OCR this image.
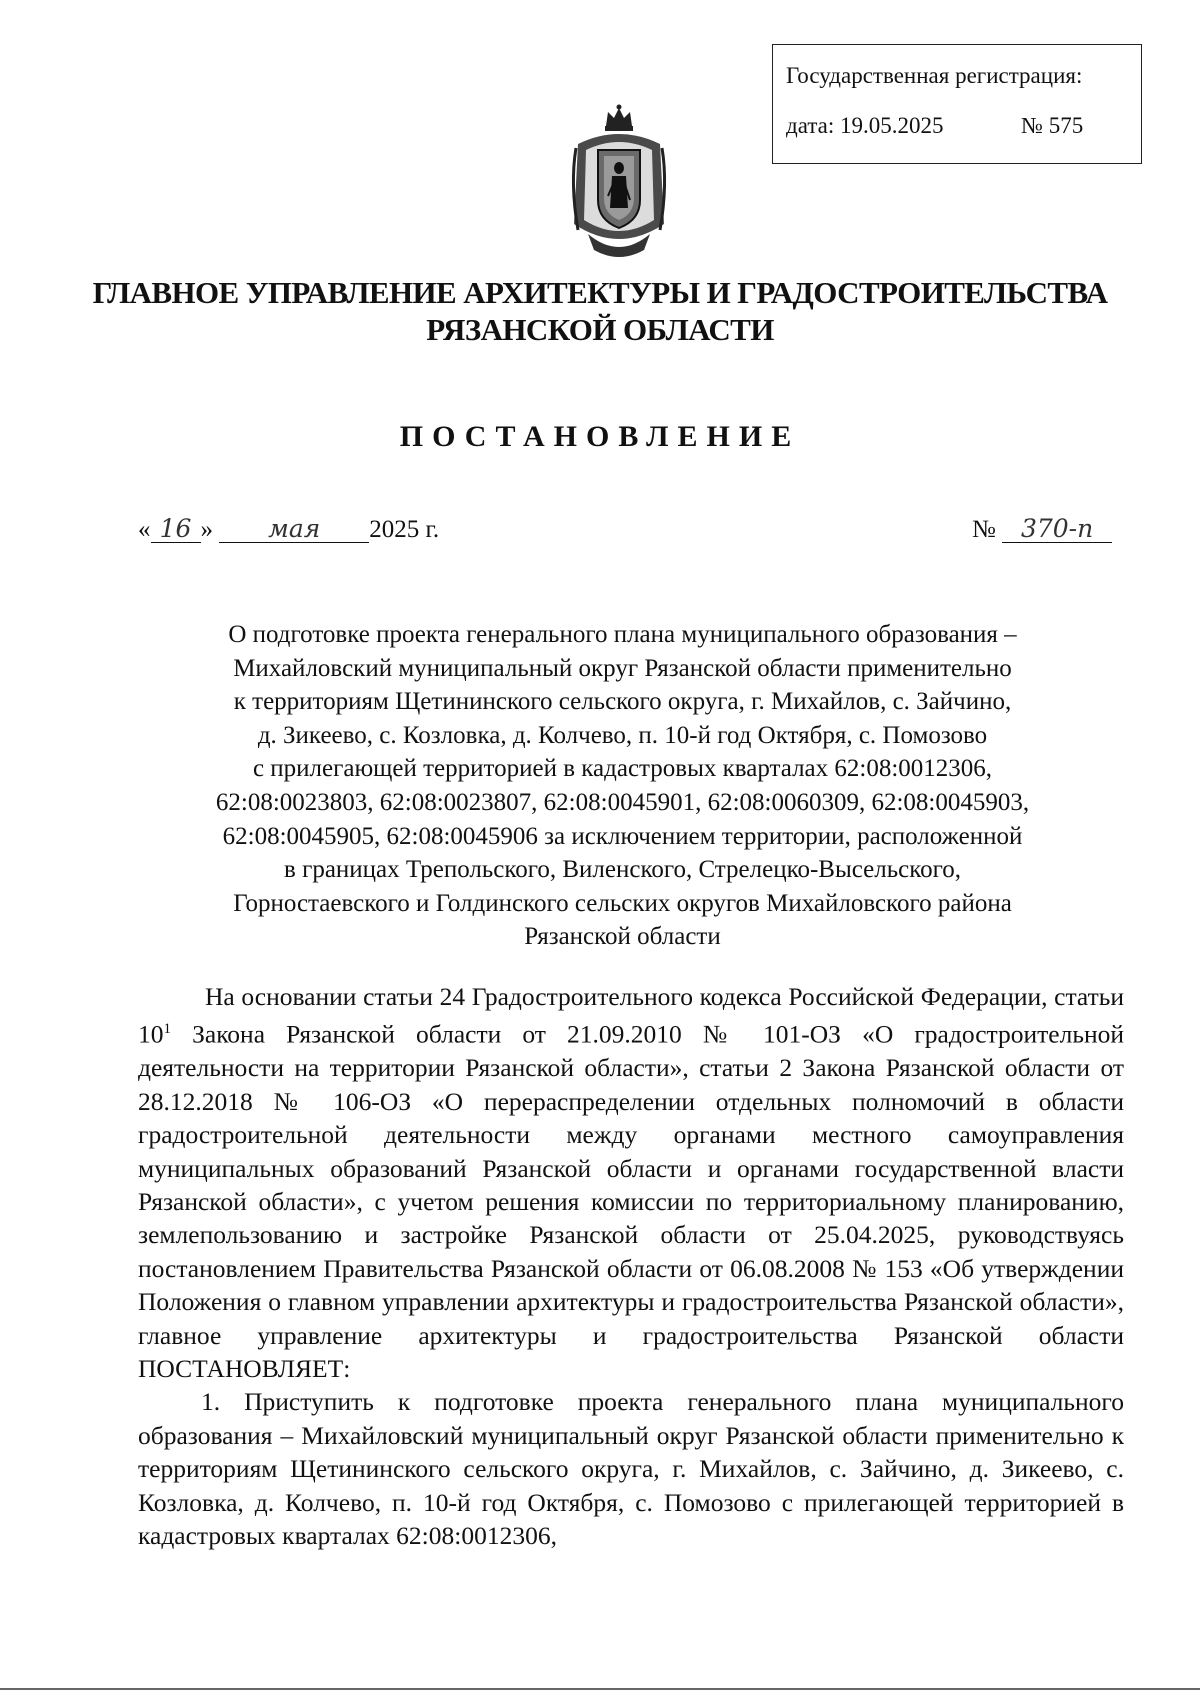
Государственная регистрация:
дата: 19.05.2025	№ 575
ГЛАВНОЕ УПРАВЛЕНИЕ АРХИТЕКТУРЫ И ГРАДОСТРОИТЕЛЬСТВА
РЯЗАНСКОЙ ОБЛАСТИ
ПОСТАНОВЛЕНИЕ
« 16 » мая 2025 г.	№ 370-п
О подготовке проекта генерального плана муниципального образования –
Михайловский муниципальный округ Рязанской области применительно
к территориям Щетининского сельского округа, г. Михайлов, с. Зайчино,
д. Зикеево, с. Козловка, д. Колчево, п. 10-й год Октября, с. Помозово
с прилегающей территорией в кадастровых кварталах 62:08:0012306,
62:08:0023803, 62:08:0023807, 62:08:0045901, 62:08:0060309, 62:08:0045903,
62:08:0045905, 62:08:0045906 за исключением территории, расположенной
в границах Трепольского, Виленского, Стрелецко-Высельского,
Горностаевского и Голдинского сельских округов Михайловского района
Рязанской области

На основании статьи 24 Градостроительного кодекса Российской Федерации, статьи $10^1$ Закона Рязанской области от 21.09.2010 № 101-ОЗ «О градостроительной деятельности на территории Рязанской области», статьи 2 Закона Рязанской области от 28.12.2018 № 106-ОЗ «О перераспределении отдельных полномочий в области градостроительной деятельности между органами местного самоуправления муниципальных образований Рязанской области и органами государственной власти Рязанской области», с учетом решения комиссии по территориальному планированию, землепользованию и застройке Рязанской области от 25.04.2025, руководствуясь постановлением Правительства Рязанской области от 06.08.2008 № 153 «Об утверждении Положения о главном управлении архитектуры и градостроительства Рязанской области», главное управление архитектуры и градостроительства Рязанской области ПОСТАНОВЛЯЕТ:

1. Приступить к подготовке проекта генерального плана муниципального образования – Михайловский муниципальный округ Рязанской области применительно к территориям Щетининского сельского округа, г. Михайлов, с. Зайчино, д. Зикеево, с. Козловка, д. Колчево, п. 10-й год Октября, с. Помозово с прилегающей территорией в кадастровых кварталах 62:08:0012306,
